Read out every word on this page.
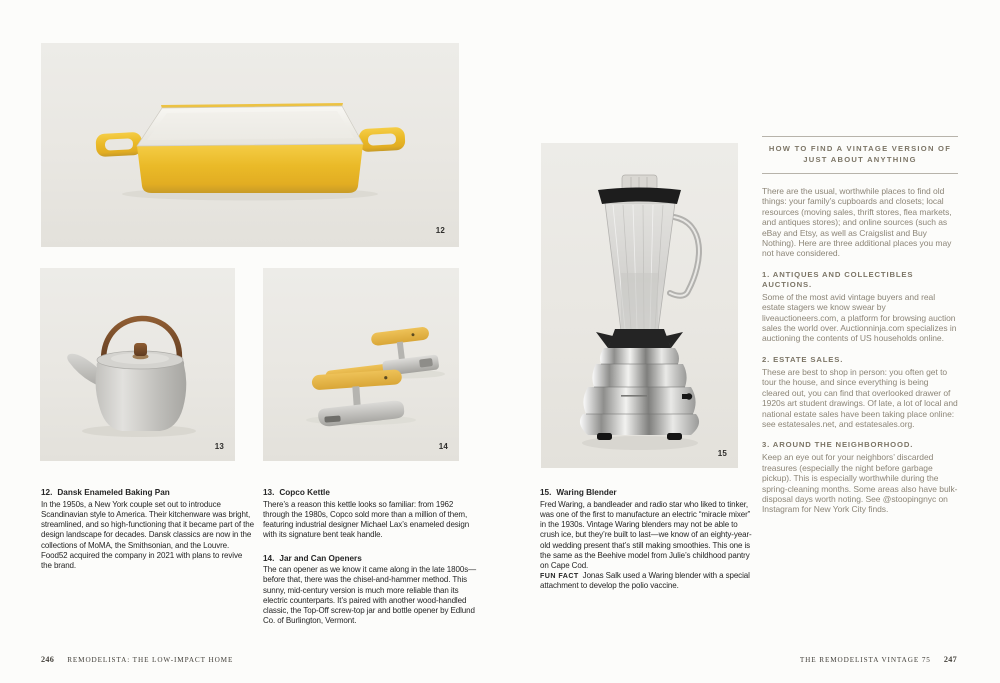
12
13	14
15
12. Dansk Enameled Baking Pan
In the 1950s, a New York couple set out to introduce Scandinavian style to America. Their kitchenware was bright, streamlined, and so high-functioning that it became part of the design landscape for decades. Dansk classics are now in the collections of MoMA, the Smithsonian, and the Louvre. Food52 acquired the company in 2021 with plans to revive the brand.
13. Copco Kettle
There’s a reason this kettle looks so familiar: from 1962 through the 1980s, Copco sold more than a million of them, featuring industrial designer Michael Lax’s enameled design with its signature bent teak handle.
14. Jar and Can Openers
The can opener as we know it came along in the late 1800s—before that, there was the chisel-and-hammer method. This sunny, mid-century version is much more reliable than its electric counterparts. It’s paired with another wood-handled classic, the Top-Off screw-top jar and bottle opener by Edlund Co. of Burlington, Vermont.
15. Waring Blender
Fred Waring, a bandleader and radio star who liked to tinker, was one of the first to manufacture an electric “miracle mixer” in the 1930s. Vintage Waring blenders may not be able to crush ice, but they’re built to last—we know of an eighty-year-old wedding present that’s still making smoothies. This one is the same as the Beehive model from Julie’s childhood pantry on Cape Cod.
FUN FACT Jonas Salk used a Waring blender with a special attachment to develop the polio vaccine.
HOW TO FIND A VINTAGE VERSION OF
JUST ABOUT ANYTHING
There are the usual, worthwhile places to find old things: your family’s cupboards and closets; local resources (moving sales, thrift stores, flea markets, and antiques stores); and online sources (such as eBay and Etsy, as well as Craigslist and Buy Nothing). Here are three additional places you may not have considered.
1. ANTIQUES AND COLLECTIBLES AUCTIONS.
Some of the most avid vintage buyers and real estate stagers we know swear by liveauctioneers.com, a platform for browsing auction sales the world over. Auctionninja.com specializes in auctioning the contents of US households online.
2. ESTATE SALES.
These are best to shop in person: you often get to tour the house, and since everything is being cleared out, you can find that overlooked drawer of 1920s art student drawings. Of late, a lot of local and national estate sales have been taking place online: see estatesales.net, and estatesales.org.
3. AROUND THE NEIGHBORHOOD.
Keep an eye out for your neighbors’ discarded treasures (especially the night before garbage pickup). This is especially worthwhile during the spring-cleaning months. Some areas also have bulk-disposal days worth noting. See @stoopingnyc on Instagram for New York City finds.
246 REMODELISTA: THE LOW-IMPACT HOME	THE REMODELISTA VINTAGE 75 247
